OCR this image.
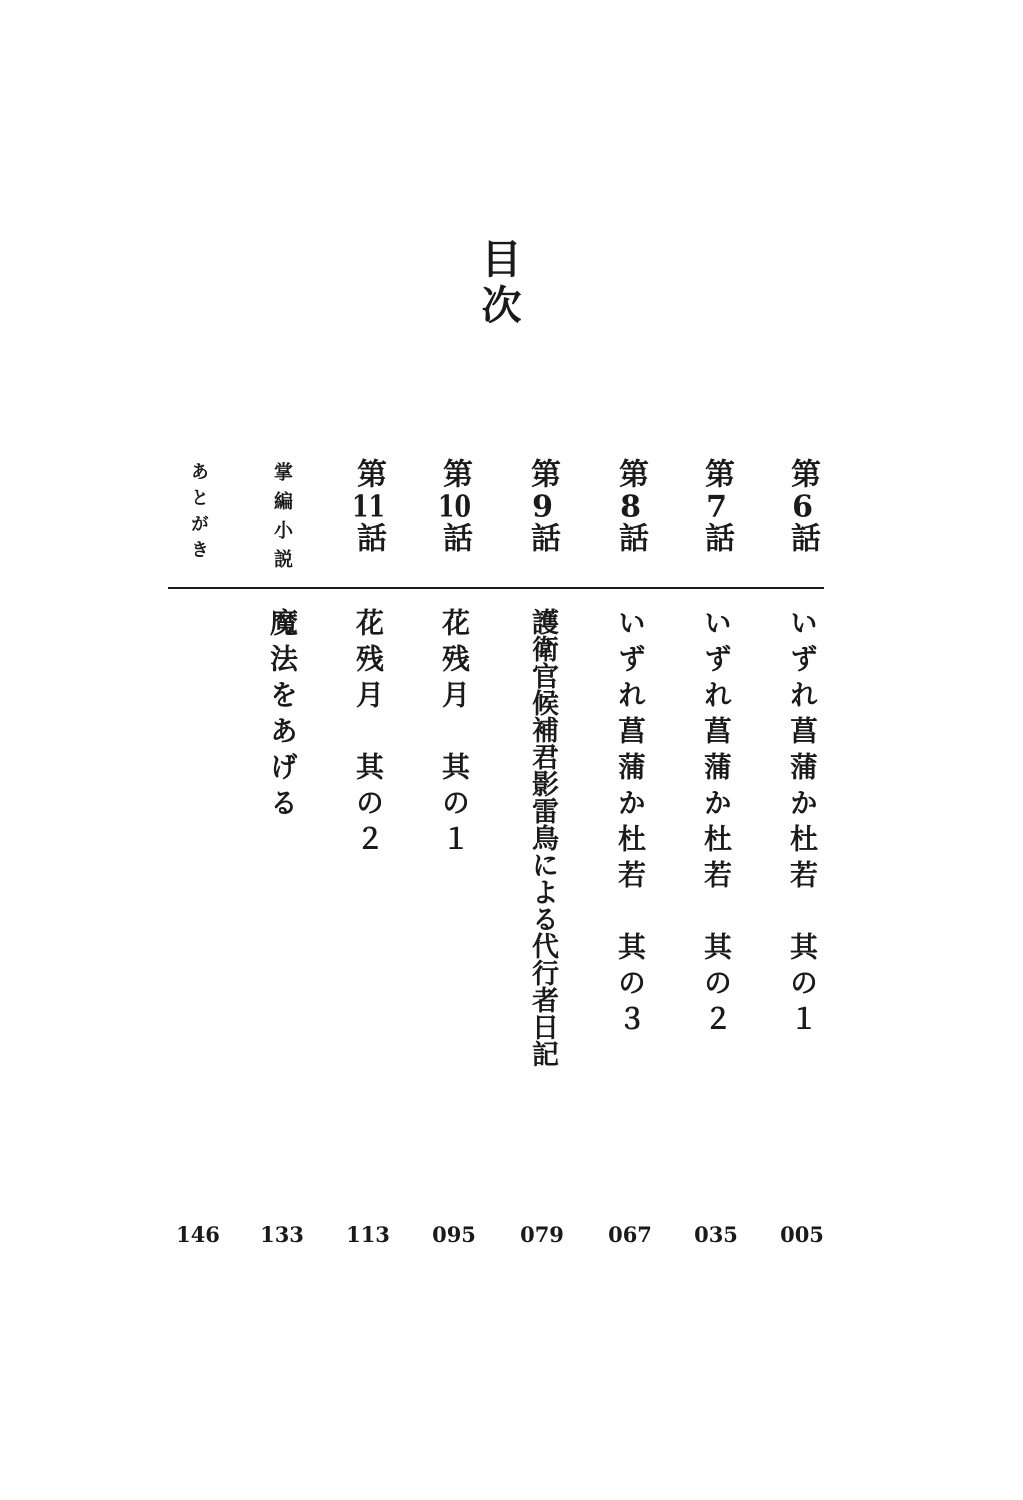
目次
第6話
いずれ菖蒲か杜若　其の１
005
第7話
いずれ菖蒲か杜若　其の２
035
第8話
いずれ菖蒲か杜若　其の３
067
第9話
護衛官候補君影雷鳥による代行者日記
079
第10話
花残月　其の１
095
第11話
花残月　其の２
113
掌編小説
魔法をあげる
133
あとがき
146
